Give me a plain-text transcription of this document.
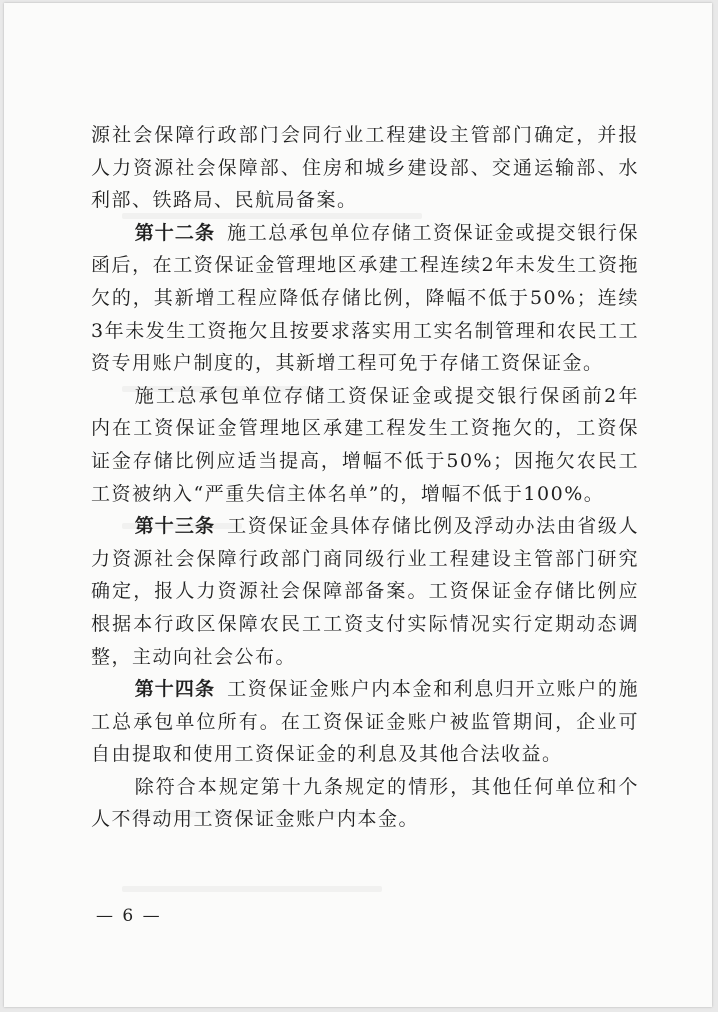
源社会保障行政部门会同行业工程建设主管部门确定，并报人力资源社会保障部、住房和城乡建设部、交通运输部、水利部、铁路局、民航局备案。

第十二条 施工总承包单位存储工资保证金或提交银行保函后，在工资保证金管理地区承建工程连续2年未发生工资拖欠的，其新增工程应降低存储比例，降幅不低于50%；连续3年未发生工资拖欠且按要求落实用工实名制管理和农民工工资专用账户制度的，其新增工程可免于存储工资保证金。

施工总承包单位存储工资保证金或提交银行保函前2年内在工资保证金管理地区承建工程发生工资拖欠的，工资保证金存储比例应适当提高，增幅不低于50%；因拖欠农民工工资被纳入“严重失信主体名单”的，增幅不低于100%。

第十三条 工资保证金具体存储比例及浮动办法由省级人力资源社会保障行政部门商同级行业工程建设主管部门研究确定，报人力资源社会保障部备案。工资保证金存储比例应根据本行政区保障农民工工资支付实际情况实行定期动态调整，主动向社会公布。

第十四条 工资保证金账户内本金和利息归开立账户的施工总承包单位所有。在工资保证金账户被监管期间，企业可自由提取和使用工资保证金的利息及其他合法收益。

除符合本规定第十九条规定的情形，其他任何单位和个人不得动用工资保证金账户内本金。

— 6 —
